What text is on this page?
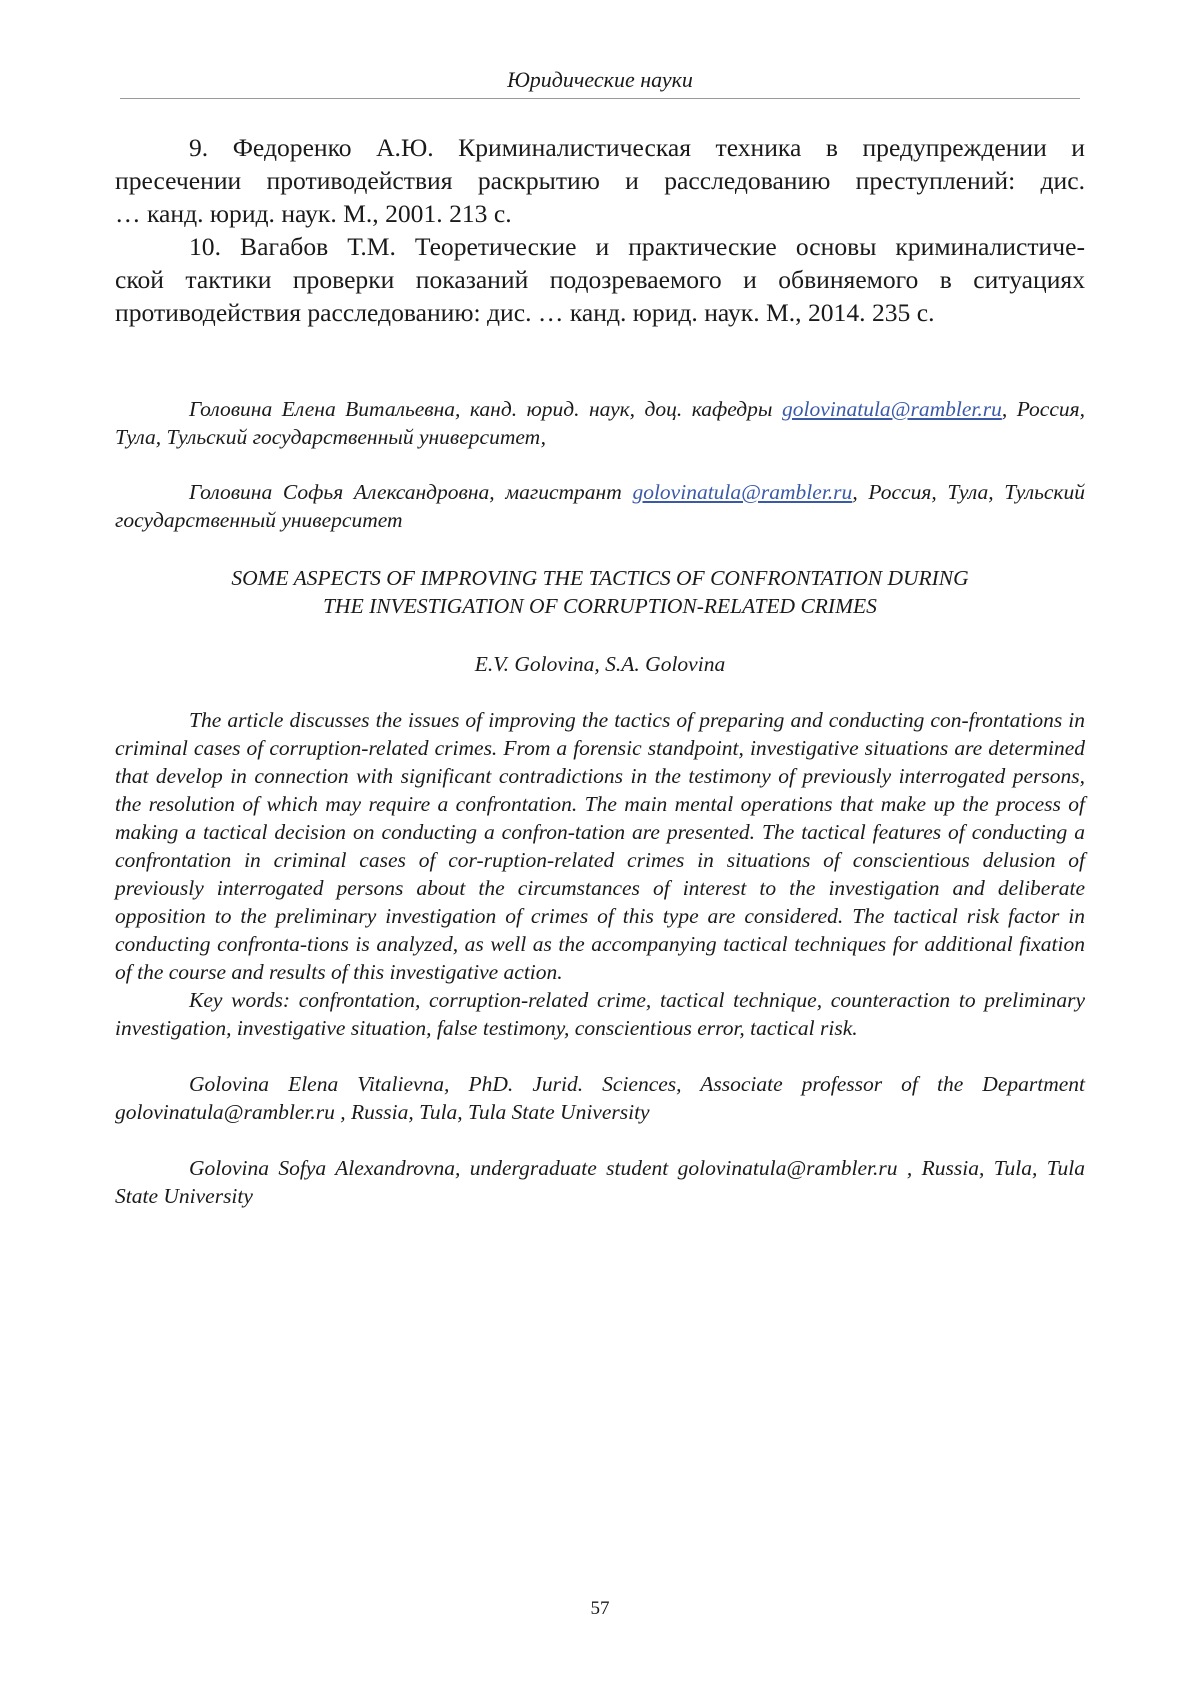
Юридические науки

9. Федоренко А.Ю. Криминалистическая техника в предупреждении и

пресечении противодействия раскрытию и расследованию преступлений: дис.

… канд. юрид. наук. М., 2001. 213 с.

10. Вагабов Т.М. Теоретические и практические основы криминалистиче-

ской тактики проверки показаний подозреваемого и обвиняемого в ситуациях

противодействия расследованию: дис. … канд. юрид. наук. М., 2014. 235 с.

Головина Елена Витальевна, канд. юрид. наук, доц. кафедры golovinatula@rambler.ru, Россия, Тула, Тульский государственный университет,

Головина Софья Александровна, магистрант golovinatula@rambler.ru, Россия, Тула, Тульский государственный университет

SOME ASPECTS OF IMPROVING THE TACTICS OF CONFRONTATION DURING
THE INVESTIGATION OF CORRUPTION-RELATED CRIMES
E.V. Golovina, S.A. Golovina

The article discusses the issues of improving the tactics of preparing and conducting con-frontations in criminal cases of corruption-related crimes. From a forensic standpoint, investigative situations are determined that develop in connection with significant contradictions in the testimony of previously interrogated persons, the resolution of which may require a confrontation. The main mental operations that make up the process of making a tactical decision on conducting a confron-tation are presented. The tactical features of conducting a confrontation in criminal cases of cor-ruption-related crimes in situations of conscientious delusion of previously interrogated persons about the circumstances of interest to the investigation and deliberate opposition to the preliminary investigation of crimes of this type are considered. The tactical risk factor in conducting confronta-tions is analyzed, as well as the accompanying tactical techniques for additional fixation of the course and results of this investigative action.

Key words: confrontation, corruption-related crime, tactical technique, counteraction to preliminary investigation, investigative situation, false testimony, conscientious error, tactical risk.

Golovina Elena Vitalievna, PhD. Jurid. Sciences, Associate professor of the Department golovinatula@rambler.ru , Russia, Tula, Tula State University

Golovina Sofya Alexandrovna, undergraduate student golovinatula@rambler.ru , Russia, Tula, Tula State University

57
